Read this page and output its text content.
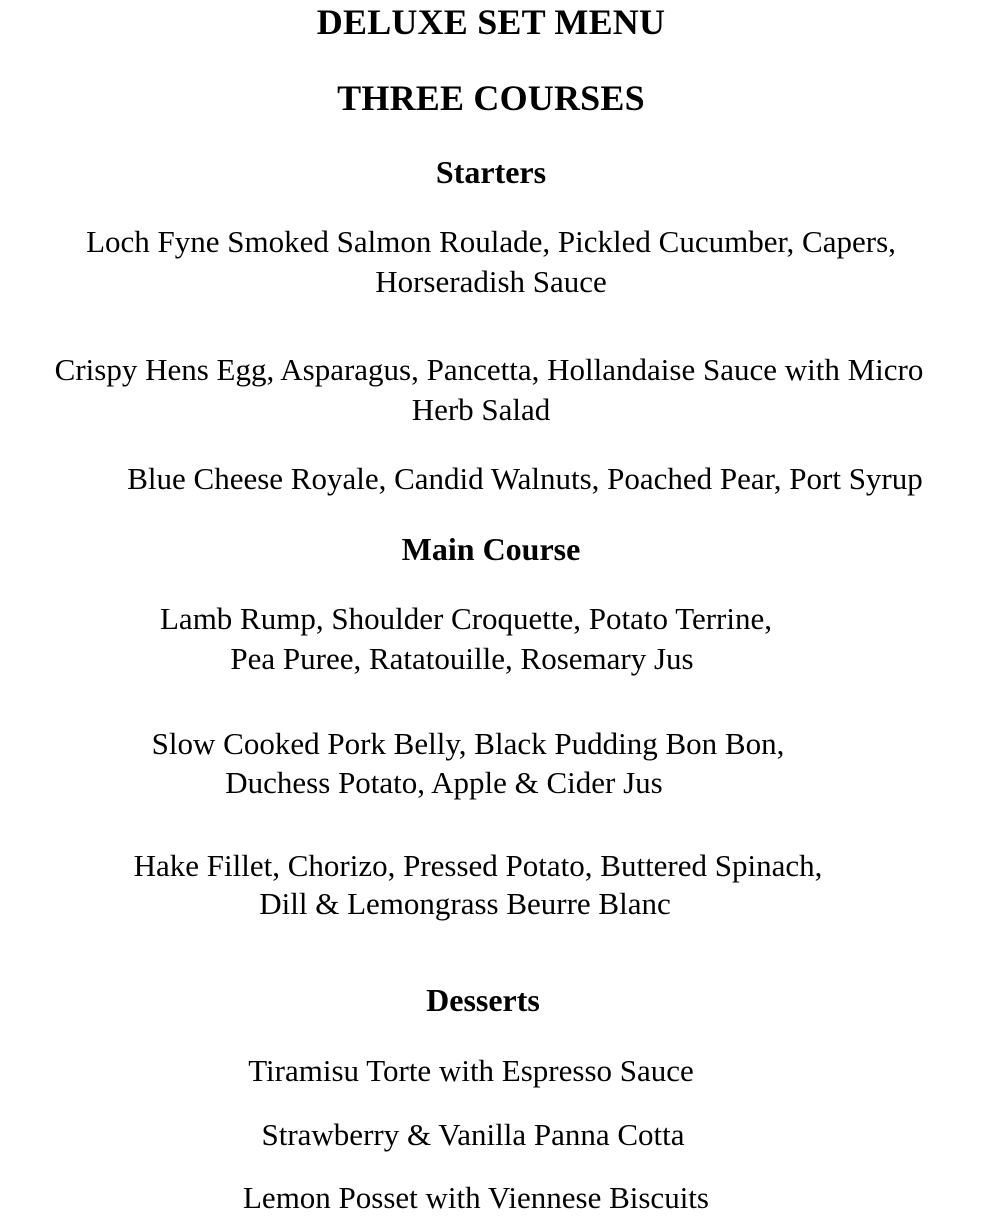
DELUXE SET MENU
THREE COURSES
Starters
Loch Fyne Smoked Salmon Roulade, Pickled Cucumber, Capers,
Horseradish Sauce
Crispy Hens Egg, Asparagus, Pancetta, Hollandaise Sauce with Micro
Herb Salad
Blue Cheese Royale, Candid Walnuts, Poached Pear, Port Syrup
Main Course
Lamb Rump, Shoulder Croquette, Potato Terrine,
Pea Puree, Ratatouille, Rosemary Jus
Slow Cooked Pork Belly, Black Pudding Bon Bon,
Duchess Potato, Apple & Cider Jus
Hake Fillet, Chorizo, Pressed Potato, Buttered Spinach,
Dill & Lemongrass Beurre Blanc
Desserts
Tiramisu Torte with Espresso Sauce
Strawberry & Vanilla Panna Cotta
Lemon Posset with Viennese Biscuits
